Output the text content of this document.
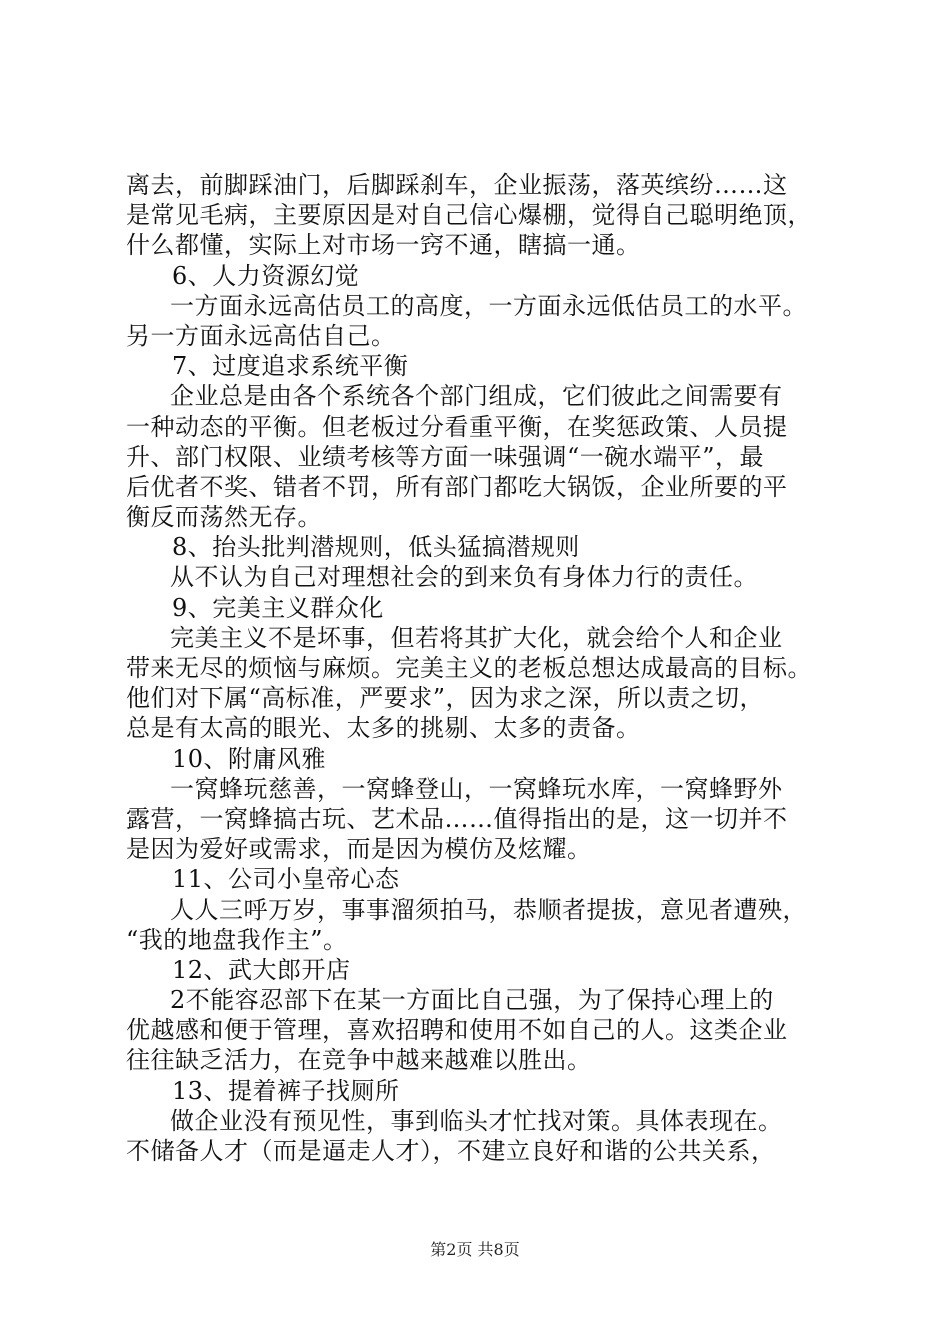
离去，前脚踩油门，后脚踩刹车，企业振荡，落英缤纷……这
是常见毛病，主要原因是对自己信心爆棚，觉得自己聪明绝顶，
什么都懂，实际上对市场一窍不通，瞎搞一通。
6、人力资源幻觉
一方面永远高估员工的高度，一方面永远低估员工的水平。
另一方面永远高估自己。
7、过度追求系统平衡
企业总是由各个系统各个部门组成，它们彼此之间需要有
一种动态的平衡。但老板过分看重平衡，在奖惩政策、人员提
升、部门权限、业绩考核等方面一味强调“一碗水端平”，最
后优者不奖、错者不罚，所有部门都吃大锅饭，企业所要的平
衡反而荡然无存。
8、抬头批判潜规则，低头猛搞潜规则
从不认为自己对理想社会的到来负有身体力行的责任。
9、完美主义群众化
完美主义不是坏事，但若将其扩大化，就会给个人和企业
带来无尽的烦恼与麻烦。完美主义的老板总想达成最高的目标。
他们对下属“高标准，严要求”，因为求之深，所以责之切，
总是有太高的眼光、太多的挑剔、太多的责备。
10、附庸风雅
一窝蜂玩慈善，一窝蜂登山，一窝蜂玩水库，一窝蜂野外
露营，一窝蜂搞古玩、艺术品……值得指出的是，这一切并不
是因为爱好或需求，而是因为模仿及炫耀。
11、公司小皇帝心态
人人三呼万岁，事事溜须拍马，恭顺者提拔，意见者遭殃，
“我的地盘我作主”。
12、武大郎开店
2不能容忍部下在某一方面比自己强，为了保持心理上的
优越感和便于管理，喜欢招聘和使用不如自己的人。这类企业
往往缺乏活力，在竞争中越来越难以胜出。
13、提着裤子找厕所
做企业没有预见性，事到临头才忙找对策。具体表现在。
不储备人才（而是逼走人才），不建立良好和谐的公共关系，
第2页 共8页
